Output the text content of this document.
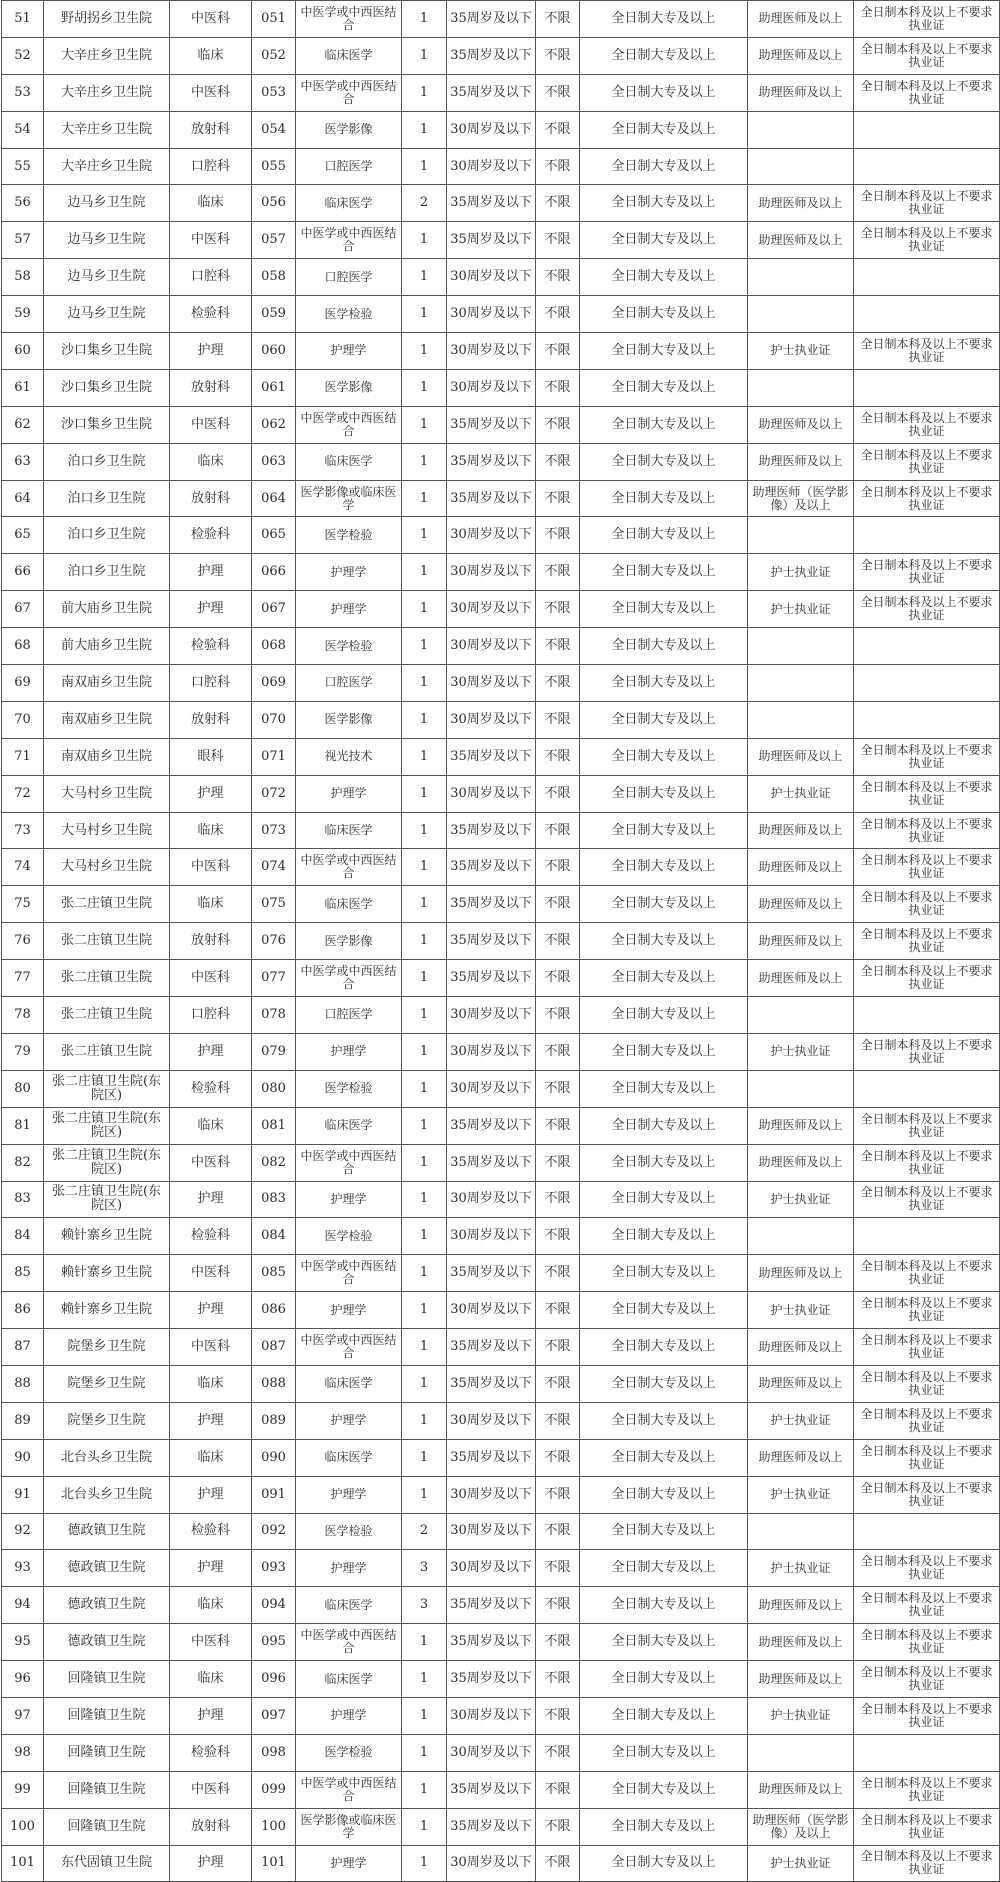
51	野胡拐乡卫生院	中医科	051	中医学或中西医结合	1	35周岁及以下	不限	全日制大专及以上	助理医师及以上	全日制本科及以上不要求执业证
52	大辛庄乡卫生院	临床	052	临床医学	1	35周岁及以下	不限	全日制大专及以上	助理医师及以上	全日制本科及以上不要求执业证
53	大辛庄乡卫生院	中医科	053	中医学或中西医结合	1	35周岁及以下	不限	全日制大专及以上	助理医师及以上	全日制本科及以上不要求执业证
54	大辛庄乡卫生院	放射科	054	医学影像	1	30周岁及以下	不限	全日制大专及以上		
55	大辛庄乡卫生院	口腔科	055	口腔医学	1	30周岁及以下	不限	全日制大专及以上		
56	边马乡卫生院	临床	056	临床医学	2	35周岁及以下	不限	全日制大专及以上	助理医师及以上	全日制本科及以上不要求执业证
57	边马乡卫生院	中医科	057	中医学或中西医结合	1	35周岁及以下	不限	全日制大专及以上	助理医师及以上	全日制本科及以上不要求执业证
58	边马乡卫生院	口腔科	058	口腔医学	1	30周岁及以下	不限	全日制大专及以上		
59	边马乡卫生院	检验科	059	医学检验	1	30周岁及以下	不限	全日制大专及以上		
60	沙口集乡卫生院	护理	060	护理学	1	30周岁及以下	不限	全日制大专及以上	护士执业证	全日制本科及以上不要求执业证
61	沙口集乡卫生院	放射科	061	医学影像	1	30周岁及以下	不限	全日制大专及以上		
62	沙口集乡卫生院	中医科	062	中医学或中西医结合	1	35周岁及以下	不限	全日制大专及以上	助理医师及以上	全日制本科及以上不要求执业证
63	泊口乡卫生院	临床	063	临床医学	1	35周岁及以下	不限	全日制大专及以上	助理医师及以上	全日制本科及以上不要求执业证
64	泊口乡卫生院	放射科	064	医学影像或临床医学	1	35周岁及以下	不限	全日制大专及以上	助理医师（医学影像）及以上	全日制本科及以上不要求执业证
65	泊口乡卫生院	检验科	065	医学检验	1	30周岁及以下	不限	全日制大专及以上		
66	泊口乡卫生院	护理	066	护理学	1	30周岁及以下	不限	全日制大专及以上	护士执业证	全日制本科及以上不要求执业证
67	前大庙乡卫生院	护理	067	护理学	1	30周岁及以下	不限	全日制大专及以上	护士执业证	全日制本科及以上不要求执业证
68	前大庙乡卫生院	检验科	068	医学检验	1	30周岁及以下	不限	全日制大专及以上		
69	南双庙乡卫生院	口腔科	069	口腔医学	1	30周岁及以下	不限	全日制大专及以上		
70	南双庙乡卫生院	放射科	070	医学影像	1	30周岁及以下	不限	全日制大专及以上		
71	南双庙乡卫生院	眼科	071	视光技术	1	35周岁及以下	不限	全日制大专及以上	助理医师及以上	全日制本科及以上不要求执业证
72	大马村乡卫生院	护理	072	护理学	1	30周岁及以下	不限	全日制大专及以上	护士执业证	全日制本科及以上不要求执业证
73	大马村乡卫生院	临床	073	临床医学	1	35周岁及以下	不限	全日制大专及以上	助理医师及以上	全日制本科及以上不要求执业证
74	大马村乡卫生院	中医科	074	中医学或中西医结合	1	35周岁及以下	不限	全日制大专及以上	助理医师及以上	全日制本科及以上不要求执业证
75	张二庄镇卫生院	临床	075	临床医学	1	35周岁及以下	不限	全日制大专及以上	助理医师及以上	全日制本科及以上不要求执业证
76	张二庄镇卫生院	放射科	076	医学影像	1	35周岁及以下	不限	全日制大专及以上	助理医师及以上	全日制本科及以上不要求执业证
77	张二庄镇卫生院	中医科	077	中医学或中西医结合	1	35周岁及以下	不限	全日制大专及以上	助理医师及以上	全日制本科及以上不要求执业证
78	张二庄镇卫生院	口腔科	078	口腔医学	1	30周岁及以下	不限	全日制大专及以上		
79	张二庄镇卫生院	护理	079	护理学	1	30周岁及以下	不限	全日制大专及以上	护士执业证	全日制本科及以上不要求执业证
80	张二庄镇卫生院(东院区)	检验科	080	医学检验	1	30周岁及以下	不限	全日制大专及以上		
81	张二庄镇卫生院(东院区)	临床	081	临床医学	1	35周岁及以下	不限	全日制大专及以上	助理医师及以上	全日制本科及以上不要求执业证
82	张二庄镇卫生院(东院区)	中医科	082	中医学或中西医结合	1	35周岁及以下	不限	全日制大专及以上	助理医师及以上	全日制本科及以上不要求执业证
83	张二庄镇卫生院(东院区)	护理	083	护理学	1	30周岁及以下	不限	全日制大专及以上	护士执业证	全日制本科及以上不要求执业证
84	赖针寨乡卫生院	检验科	084	医学检验	1	30周岁及以下	不限	全日制大专及以上		
85	赖针寨乡卫生院	中医科	085	中医学或中西医结合	1	35周岁及以下	不限	全日制大专及以上	助理医师及以上	全日制本科及以上不要求执业证
86	赖针寨乡卫生院	护理	086	护理学	1	30周岁及以下	不限	全日制大专及以上	护士执业证	全日制本科及以上不要求执业证
87	院堡乡卫生院	中医科	087	中医学或中西医结合	1	35周岁及以下	不限	全日制大专及以上	助理医师及以上	全日制本科及以上不要求执业证
88	院堡乡卫生院	临床	088	临床医学	1	35周岁及以下	不限	全日制大专及以上	助理医师及以上	全日制本科及以上不要求执业证
89	院堡乡卫生院	护理	089	护理学	1	30周岁及以下	不限	全日制大专及以上	护士执业证	全日制本科及以上不要求执业证
90	北台头乡卫生院	临床	090	临床医学	1	35周岁及以下	不限	全日制大专及以上	助理医师及以上	全日制本科及以上不要求执业证
91	北台头乡卫生院	护理	091	护理学	1	30周岁及以下	不限	全日制大专及以上	护士执业证	全日制本科及以上不要求执业证
92	德政镇卫生院	检验科	092	医学检验	2	30周岁及以下	不限	全日制大专及以上		
93	德政镇卫生院	护理	093	护理学	3	30周岁及以下	不限	全日制大专及以上	护士执业证	全日制本科及以上不要求执业证
94	德政镇卫生院	临床	094	临床医学	3	35周岁及以下	不限	全日制大专及以上	助理医师及以上	全日制本科及以上不要求执业证
95	德政镇卫生院	中医科	095	中医学或中西医结合	1	35周岁及以下	不限	全日制大专及以上	助理医师及以上	全日制本科及以上不要求执业证
96	回隆镇卫生院	临床	096	临床医学	1	35周岁及以下	不限	全日制大专及以上	助理医师及以上	全日制本科及以上不要求执业证
97	回隆镇卫生院	护理	097	护理学	1	30周岁及以下	不限	全日制大专及以上	护士执业证	全日制本科及以上不要求执业证
98	回隆镇卫生院	检验科	098	医学检验	1	30周岁及以下	不限	全日制大专及以上		
99	回隆镇卫生院	中医科	099	中医学或中西医结合	1	35周岁及以下	不限	全日制大专及以上	助理医师及以上	全日制本科及以上不要求执业证
100	回隆镇卫生院	放射科	100	医学影像或临床医学	1	35周岁及以下	不限	全日制大专及以上	助理医师（医学影像）及以上	全日制本科及以上不要求执业证
101	东代固镇卫生院	护理	101	护理学	1	30周岁及以下	不限	全日制大专及以上	护士执业证	全日制本科及以上不要求执业证
